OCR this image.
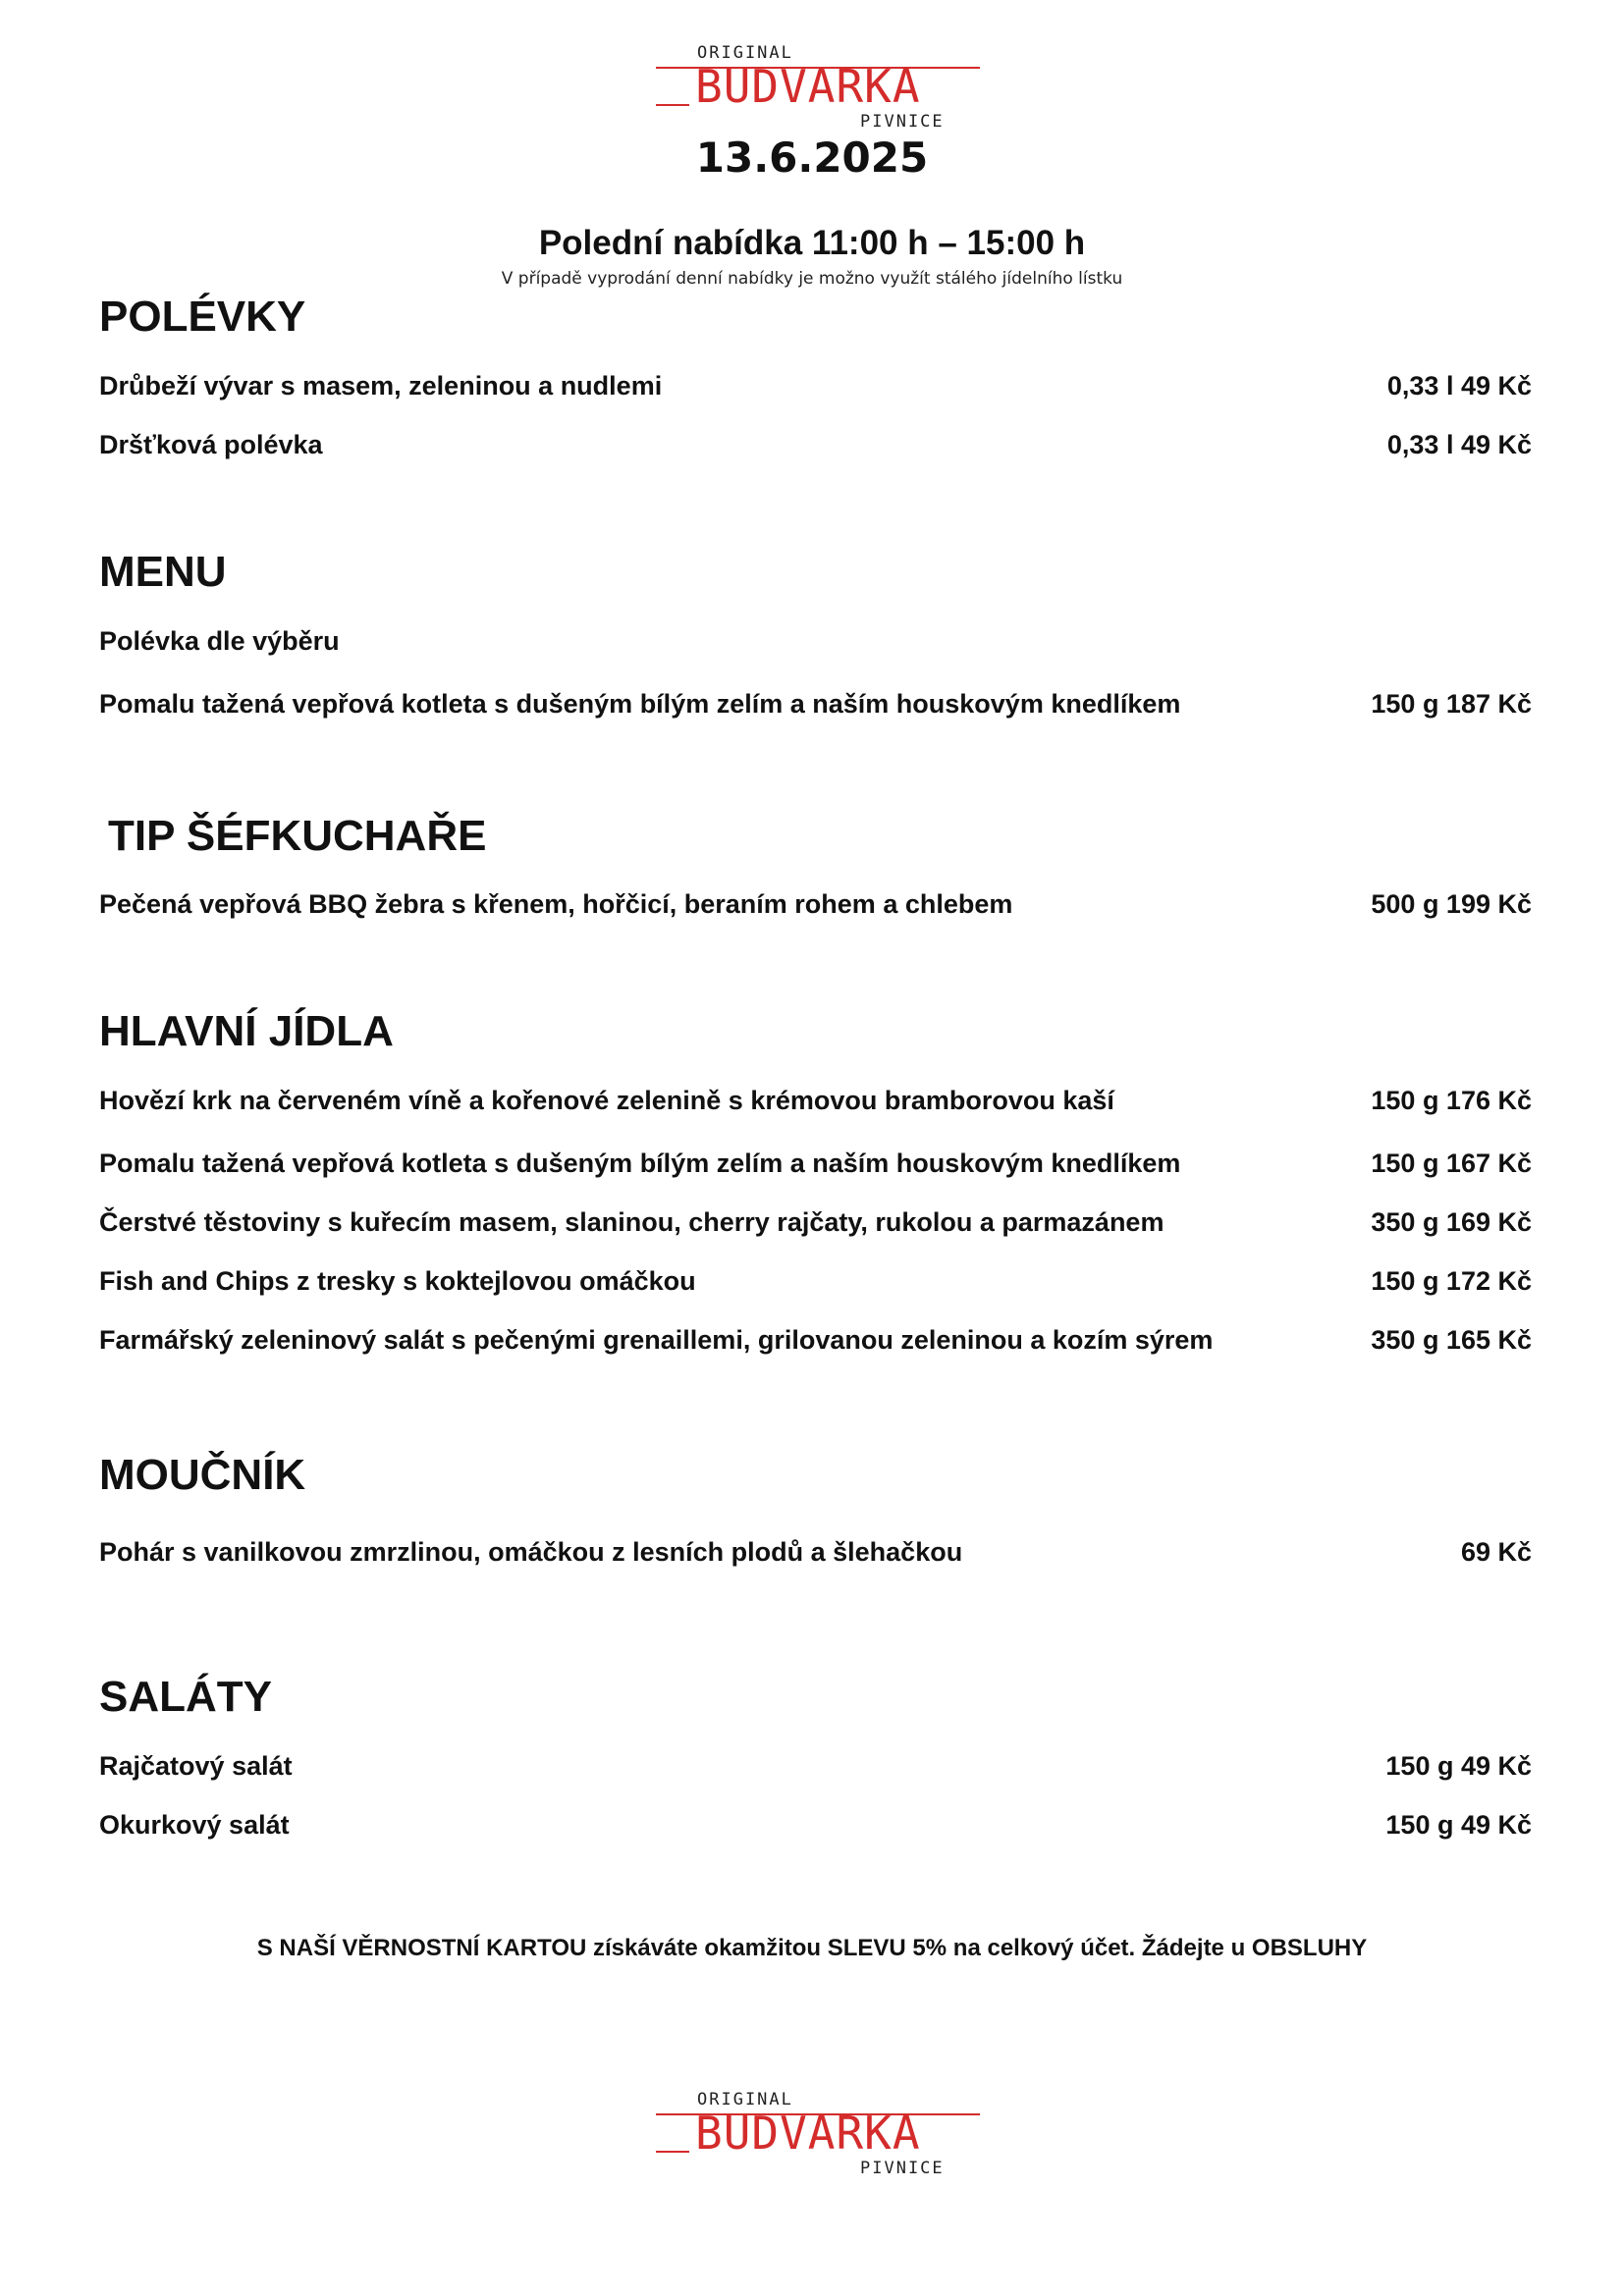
ORIGINAL
BUDVARKA
PIVNICE
13.6.2025
Polední nabídka 11:00 h – 15:00 h
V případě vyprodání denní nabídky je možno využít stálého jídelního lístku
POLÉVKY
Drůbeží vývar s masem, zeleninou a nudlemi	0,33 l 49 Kč
Dršťková polévka	0,33 l 49 Kč
MENU
Polévka dle výběru
Pomalu tažená vepřová kotleta s dušeným bílým zelím a naším houskovým knedlíkem	150 g 187 Kč
TIP ŠÉFKUCHAŘE
Pečená vepřová BBQ žebra s křenem, hořčicí, beraním rohem a chlebem	500 g 199 Kč
HLAVNÍ JÍDLA
Hovězí krk na červeném víně a kořenové zelenině s krémovou bramborovou kaší	150 g 176 Kč
Pomalu tažená vepřová kotleta s dušeným bílým zelím a naším houskovým knedlíkem	150 g 167 Kč
Čerstvé těstoviny s kuřecím masem, slaninou, cherry rajčaty, rukolou a parmazánem	350 g 169 Kč
Fish and Chips z tresky s koktejlovou omáčkou	150 g 172 Kč
Farmářský zeleninový salát s pečenými grenaillemi, grilovanou zeleninou a kozím sýrem	350 g 165 Kč
MOUČNÍK
Pohár s vanilkovou zmrzlinou, omáčkou z lesních plodů a šlehačkou	69 Kč
SALÁTY
Rajčatový salát	150 g 49 Kč
Okurkový salát	150 g 49 Kč
S NAŠÍ VĚRNOSTNÍ KARTOU získáváte okamžitou SLEVU 5% na celkový účet. Žádejte u OBSLUHY
ORIGINAL
BUDVARKA
PIVNICE
